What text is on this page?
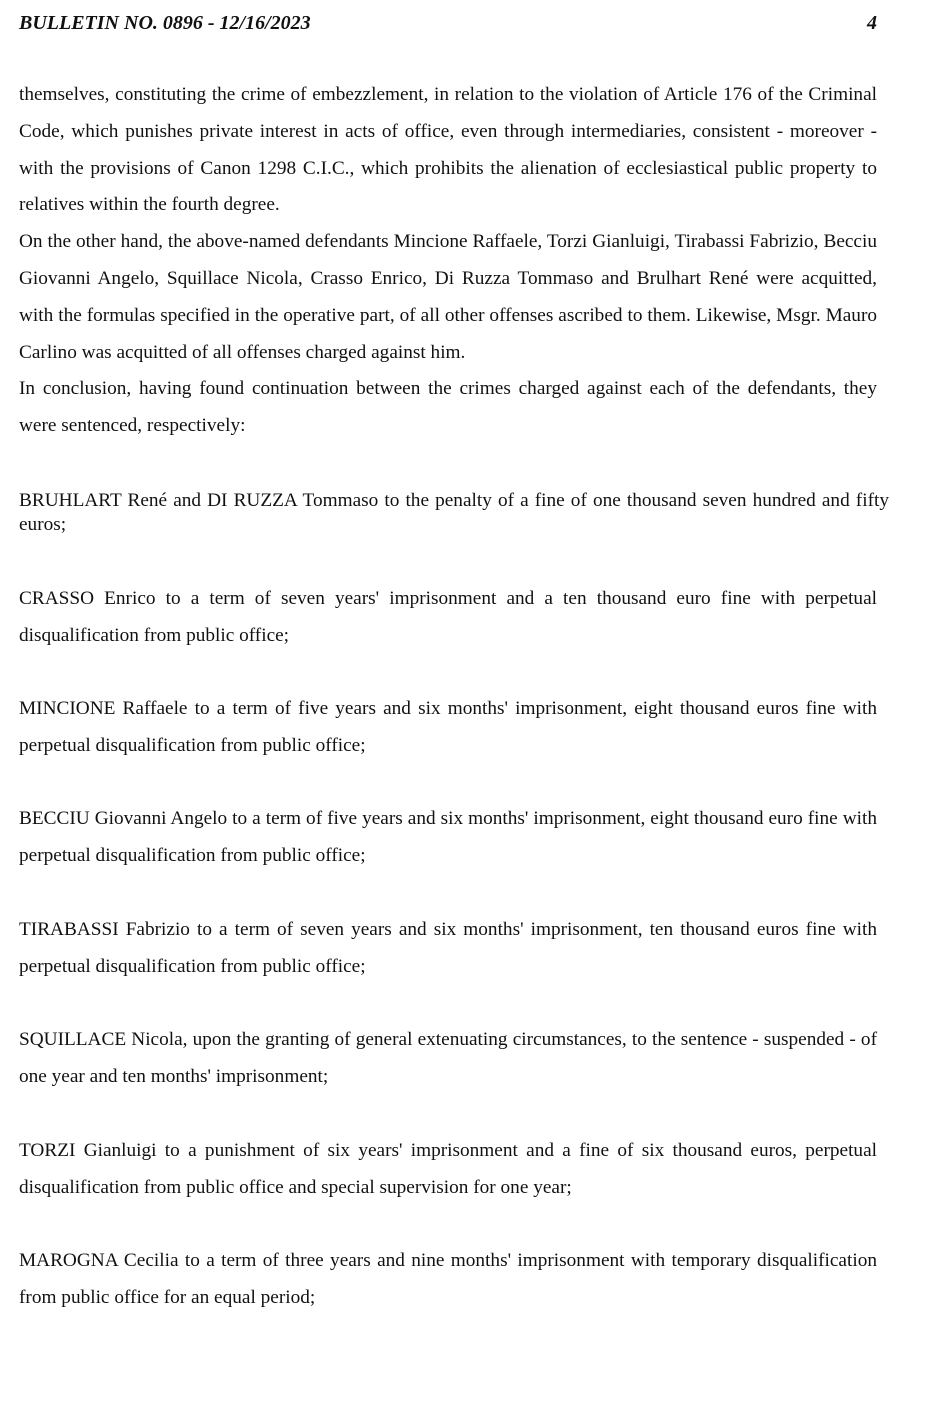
BULLETIN NO. 0896 - 12/16/2023	4

themselves, constituting the crime of embezzlement, in relation to the violation of Article 176 of the Criminal Code, which punishes private interest in acts of office, even through intermediaries, consistent - moreover - with the provisions of Canon 1298 C.I.C., which prohibits the alienation of ecclesiastical public property to relatives within the fourth degree.

On the other hand, the above-named defendants Mincione Raffaele, Torzi Gianluigi, Tirabassi Fabrizio, Becciu Giovanni Angelo, Squillace Nicola, Crasso Enrico, Di Ruzza Tommaso and Brulhart René were acquitted, with the formulas specified in the operative part, of all other offenses ascribed to them. Likewise, Msgr. Mauro Carlino was acquitted of all offenses charged against him.

In conclusion, having found continuation between the crimes charged against each of the defendants, they were sentenced, respectively:

BRUHLART René and DI RUZZA Tommaso to the penalty of a fine of one thousand seven hundred and fifty euros;

CRASSO Enrico to a term of seven years' imprisonment and a ten thousand euro fine with perpetual disqualification from public office;

MINCIONE Raffaele to a term of five years and six months' imprisonment, eight thousand euros fine with perpetual disqualification from public office;

BECCIU Giovanni Angelo to a term of five years and six months' imprisonment, eight thousand euro fine with perpetual disqualification from public office;

TIRABASSI Fabrizio to a term of seven years and six months' imprisonment, ten thousand euros fine with perpetual disqualification from public office;

SQUILLACE Nicola, upon the granting of general extenuating circumstances, to the sentence - suspended - of one year and ten months' imprisonment;

TORZI Gianluigi to a punishment of six years' imprisonment and a fine of six thousand euros, perpetual disqualification from public office and special supervision for one year;

MAROGNA Cecilia to a term of three years and nine months' imprisonment with temporary disqualification from public office for an equal period;
